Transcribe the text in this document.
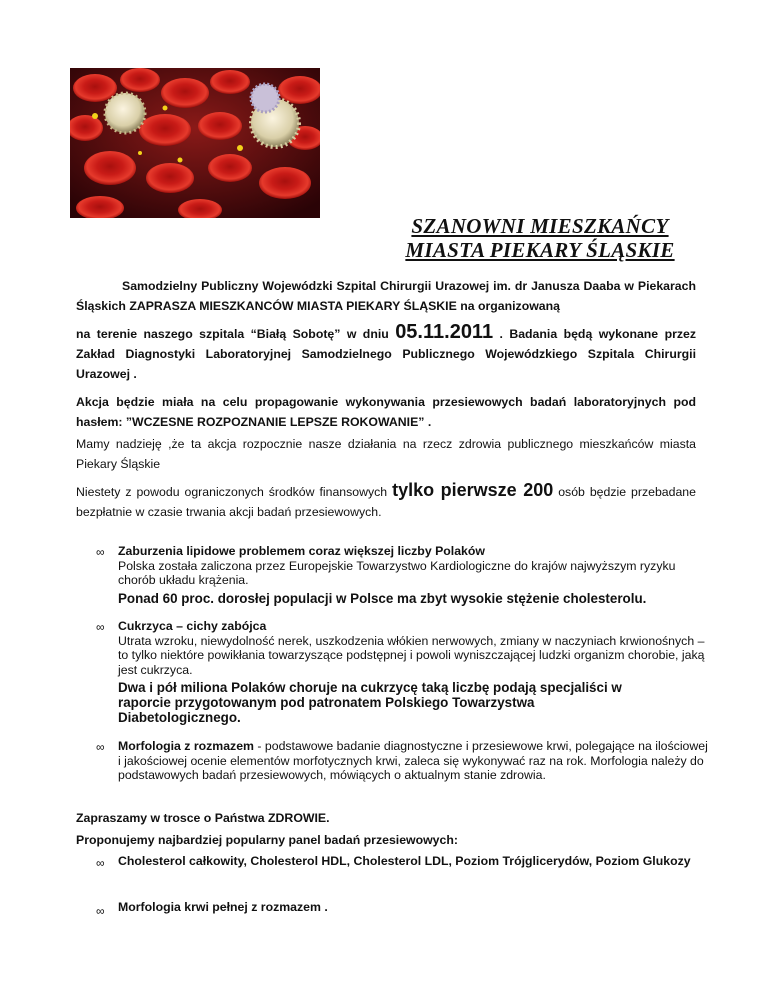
SZANOWNI MIESZKAŃCY
MIASTA PIEKARY ŚLĄSKIE
Samodzielny Publiczny Wojewódzki Szpital Chirurgii Urazowej im. dr Janusza Daaba w Piekarach Śląskich ZAPRASZA MIESZKANCÓW MIASTA PIEKARY ŚLĄSKIE na organizowaną
na terenie naszego szpitala “Białą Sobotę” w dniu 05.11.2011 . Badania będą wykonane przez Zakład Diagnostyki Laboratoryjnej Samodzielnego Publicznego Wojewódzkiego Szpitala Chirurgii Urazowej .
Akcja będzie miała na celu propagowanie wykonywania przesiewowych badań laboratoryjnych pod hasłem: ”WCZESNE ROZPOZNANIE LEPSZE ROKOWANIE” .
Mamy nadzieję ,że ta akcja rozpocznie nasze działania na rzecz zdrowia publicznego mieszkańców miasta Piekary Śląskie
Niestety z powodu ograniczonych środków finansowych tylko pierwsze 200 osób będzie przebadane bezpłatnie w czasie trwania akcji badań przesiewowych.
∞ Zaburzenia lipidowe problemem coraz większej liczby Polaków
Polska została zaliczona przez Europejskie Towarzystwo Kardiologiczne do krajów najwyższym ryzyku chorób układu krążenia.
Ponad 60 proc. dorosłej populacji w Polsce ma zbyt wysokie stężenie cholesterolu.
∞ Cukrzyca – cichy zabójca
Utrata wzroku, niewydolność nerek, uszkodzenia włókien nerwowych, zmiany w naczyniach krwionośnych – to tylko niektóre powikłania towarzyszące podstępnej i powoli wyniszczającej ludzki organizm chorobie, jaką jest cukrzyca.
Dwa i pół miliona Polaków choruje na cukrzycę taką liczbę podają specjaliści w raporcie przygotowanym pod patronatem Polskiego Towarzystwa Diabetologicznego.
∞ Morfologia z rozmazem - podstawowe badanie diagnostyczne i przesiewowe krwi, polegające na ilościowej i jakościowej ocenie elementów morfotycznych krwi, zaleca się wykonywać raz na rok. Morfologia należy do podstawowych badań przesiewowych, mówiących o aktualnym stanie zdrowia.
Zapraszamy w trosce o Państwa ZDROWIE.
Proponujemy najbardziej popularny panel badań przesiewowych:
∞ Cholesterol całkowity, Cholesterol HDL, Cholesterol LDL, Poziom Trójglicerydów, Poziom Glukozy
∞ Morfologia krwi pełnej z rozmazem .
